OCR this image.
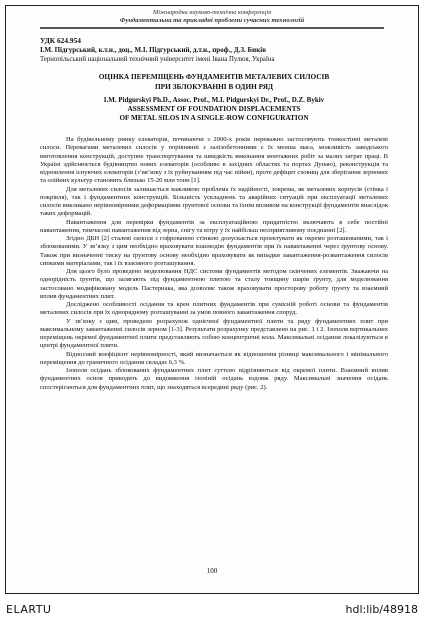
Міжнародна науково-технічна конференція
Фундаментальна та прикладні проблеми сучасних технологій
УДК 624.954
І.М. Підгурський, к.т.н., доц., М.І. Підгурський, д.т.н., проф., Д.З. Биків
Тернопільський національний технічний університет імені Івана Пулюя, Україна
ОЦІНКА ПЕРЕМІЩЕНЬ ФУНДАМЕНТІВ МЕТАЛЕВИХ СИЛОСІВ
ПРИ ЗБЛОКУВАННІ В ОДИН РЯД
I.M. Pidgurskyi Ph.D., Assoc. Prof., M.I. Pidgurskyi Dr., Prof., D.Z. Bykiv
ASSESSMENT OF FOUNDATION DISPLACEMENTS
OF METAL SILOS IN A SINGLE-ROW CONFIGURATION

На будівельному ринку елеваторів, починаючи з 2000-х років переважно застосовують тонкостінні металеві силоси. Перевагами металевих силосів у порівнянні з залізобетонними є їх менша маса, можливість заводського виготовлення конструкцій, доступне транспортування та швидкість виконання монтажних робіт за малих затрат праці. В Україні здійснюється будівництво нових елеваторів (особливо в західних областях та портах Дунаю), реконструкція та відновлення існуючих елеваторів (з’вя’язку з їх руйнуванням під час війни), проте дефіцит сховищ для зберігання зернових та олійних культур становить близько 15-20 млн тонн [1].

Для металевих силосів залишається важливою проблема їх надійності, зокрема, як металевих корпусів (стінка і покрівля), так і фундаментних конструкцій. Більшість ускладнень та аварійних ситуацій при експлуатації металевих силосів викликано нерівномірними деформаціями ґрунтової основи та їхнім впливом на конструкції фундаментів внаслідок таких деформацій.

Навантаження для перевірки фундаментів за експлуатаційною придатністю включають в себе постійні навантаження, тимчасові навантаження від зерна, снігу та вітру у їх найбільш несприятливому поєднанні [2].

Згідно ДБН [2] сталеві силоси з гофрованою стінкою допускається проектувати як окремо розташованими, так і зблокованими. У зв’язку з цим необхідно враховувати взаємодію фундаментів при їх навантаженні через ґрунтову основу. Також при визначенні тиску на ґрунтову основу необхідно враховувати як випадки завантаження-розвантаження силосів сипкими матеріалами, так і їх взаємного розташування.

Для цього було проведено моделювання НДС системи фундаментів методом скінчених елементів. Зважаючи на однорідність ґрунтів, що залягають під фундаментною плитою та сталу товщину шарів ґрунту, для моделювання застосовано модифіковану модель Пастернака, яка дозволяє також враховувати просторову роботу ґрунту та взаємний вплив фундаментних плит.

Досліджено особливості осідання та крен плитних фундаментів при сумісній роботі основи та фундаментів металевих силосів при їх однорядному розташуванні за умов повного завантаження споруд.

У зв’язку з цим, проведено розрахунок однієчної фундаментної плити та ряду фундаментних плит при максимальному завантаженні силосів зерном [1-3]. Результати розрахунку представлено на рис. 1 і 2. Ізополя вертикальних переміщень окремої фундаментної плити представляють собою концентричні кола. Максимальні осідання локалізуються в центрі фундаментної плити.

Відносний коефіцієнт нерівномірності, який визначається як відношення різниці максимального і мінімального переміщення до граничного осідання складає 6,3 %.

Ізополя осідань зблокованих фундаментних плит суттєво відрізняються від окремої плити. Взаємний вплив фундаментних основ приводить до видовження ізоліній осідань вздовж ряду. Максимальні значення осідань спостерігаються для фундаментних плит, що знаходяться всередині ряду (рис. 2).

100
ELARTU	hdl:lib/48918
